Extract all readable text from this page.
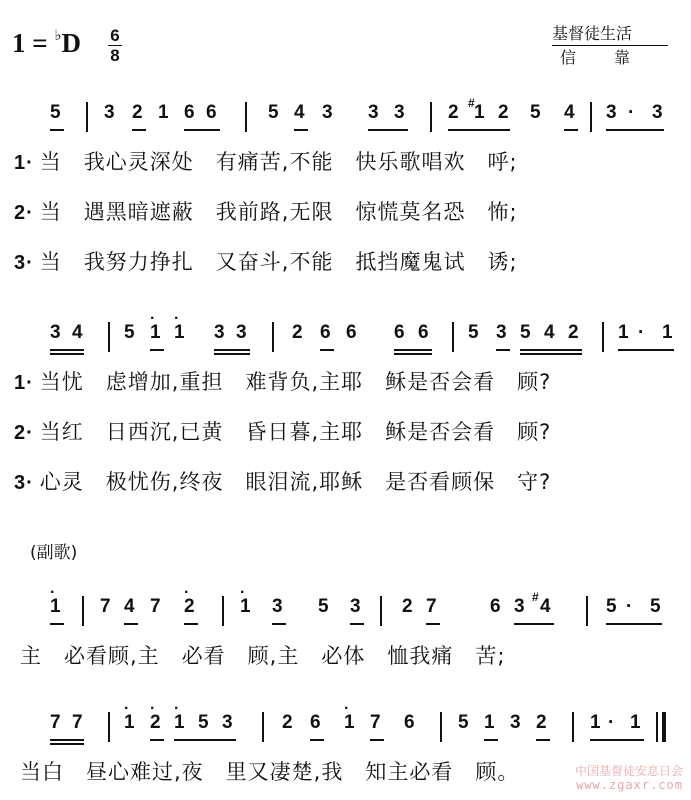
1 = ♭D 6
8
基督徒生活
信靠
5 3 2 1 6 6	5 4 3 3 3 2 # 1 2 5 4 3 · 3
1· 当　我心灵深处　有痛苦,不能　快乐歌唱欢　呼;
2· 当　遇黑暗遮蔽　我前路,无限　惊慌莫名恐　怖;
3· 当　我努力挣扎　又奋斗,不能　抵挡魔鬼试　诱;
3 4 5 1
·
1
·
3 3 2 6 6 6 6 5 3 5 4 2 1 · 1
1· 当忧　虑增加,重担　难背负,主耶　稣是否会看　顾?
2· 当红　日西沉,已黄　昏日暮,主耶　稣是否会看　顾?
3· 心灵　极忧伤,终夜　眼泪流,耶稣　是否看顾保　守?
(副歌)
1
·
7 4 7 2
·
1
·
3 5 3 2 7	6 3 # 4	5 · 5
主　必看顾,主　必看　顾,主　必体　恤我痛　苦;
7 7 1
·
2
·
1
·
5 3	2 6 1
·
7 6 5 1 3 2 1 · 1
当白　昼心难过,夜　里又凄楚,我　知主必看　顾。	中国基督徒安息日会
www.zgaxr.com
